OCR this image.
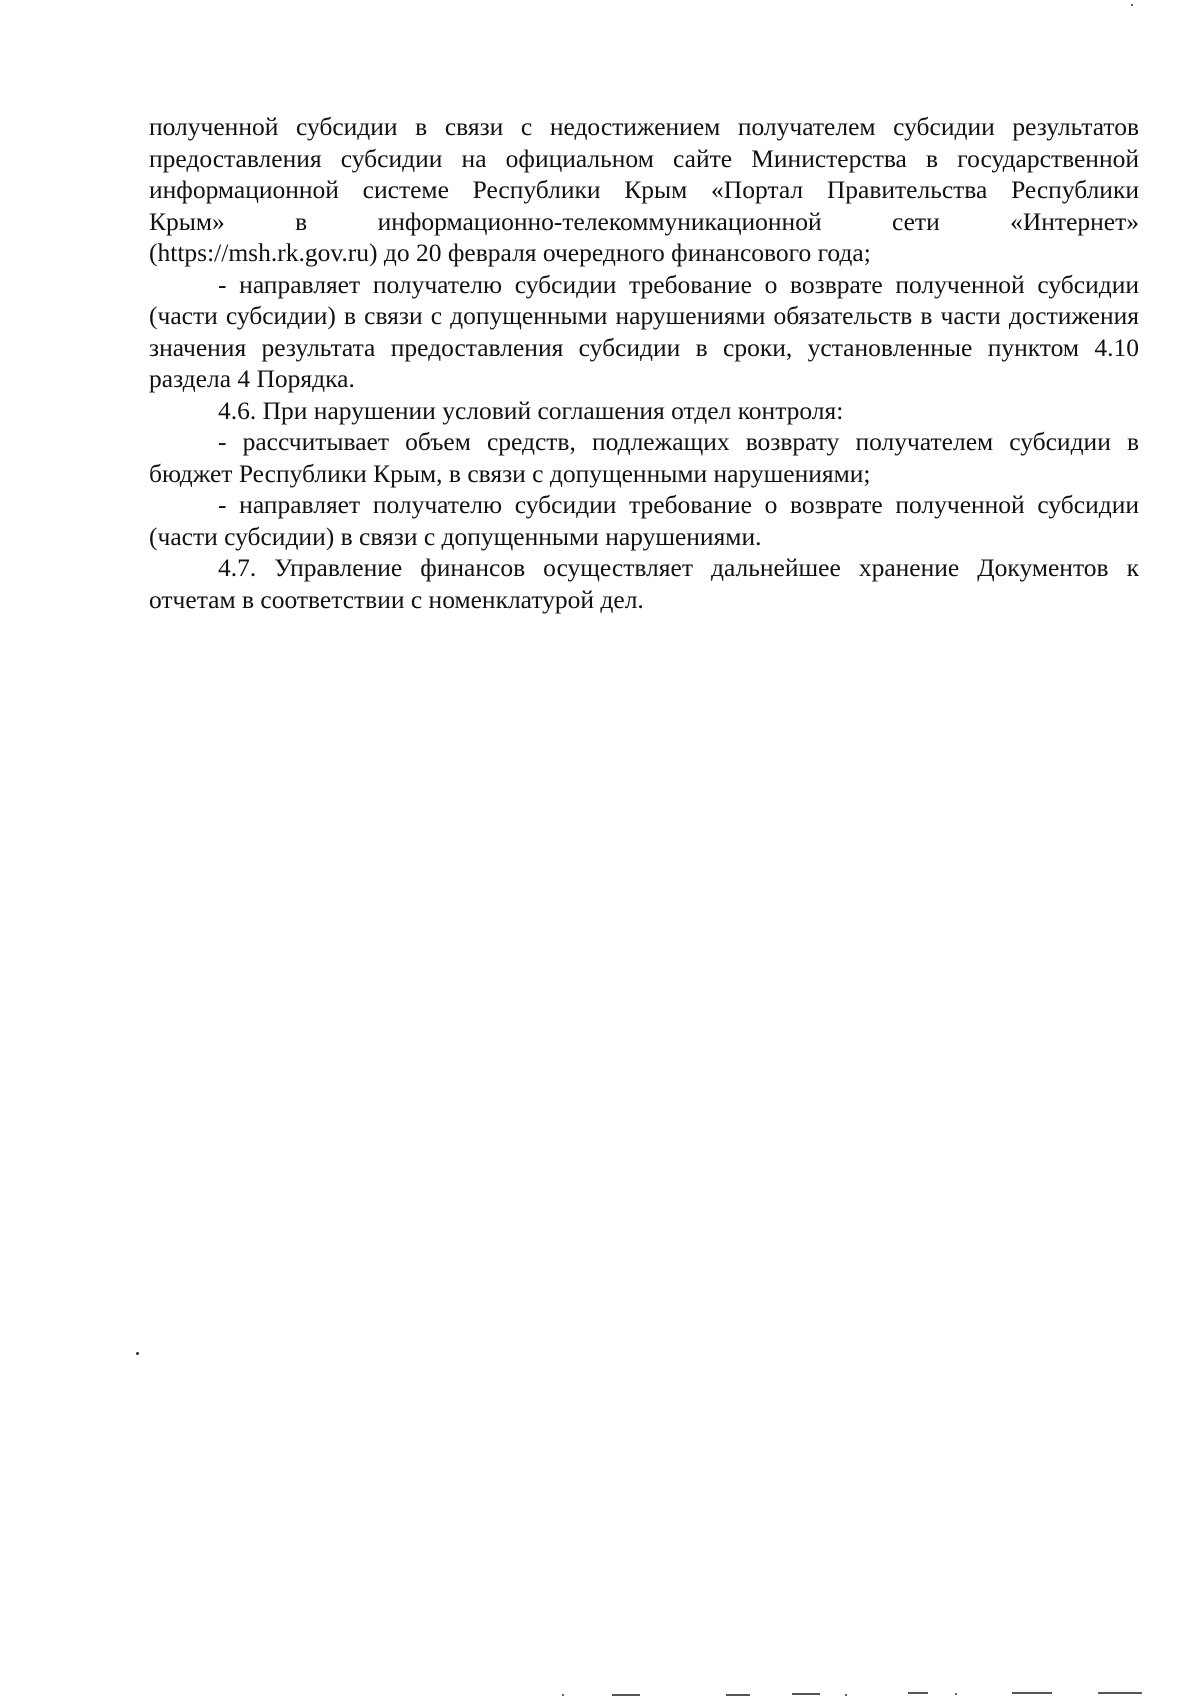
полученной субсидии в связи с недостижением получателем субсидии результатов
предоставления субсидии на официальном сайте Министерства в государственной
информационной системе Республики Крым «Портал Правительства Республики
Крым» в информационно-телекоммуникационной сети «Интернет»
(https://msh.rk.gov.ru) до 20 февраля очередного финансового года;

- направляет получателю субсидии требование о возврате полученной субсидии (части субсидии) в связи с допущенными нарушениями обязательств в части достижения значения результата предоставления субсидии в сроки, установленные пунктом 4.10 раздела 4 Порядка.

4.6. При нарушении условий соглашения отдел контроля:

- рассчитывает объем средств, подлежащих возврату получателем субсидии в бюджет Республики Крым, в связи с допущенными нарушениями;

- направляет получателю субсидии требование о возврате полученной субсидии (части субсидии) в связи с допущенными нарушениями.

4.7. Управление финансов осуществляет дальнейшее хранение Документов к отчетам в соответствии с номенклатурой дел.
